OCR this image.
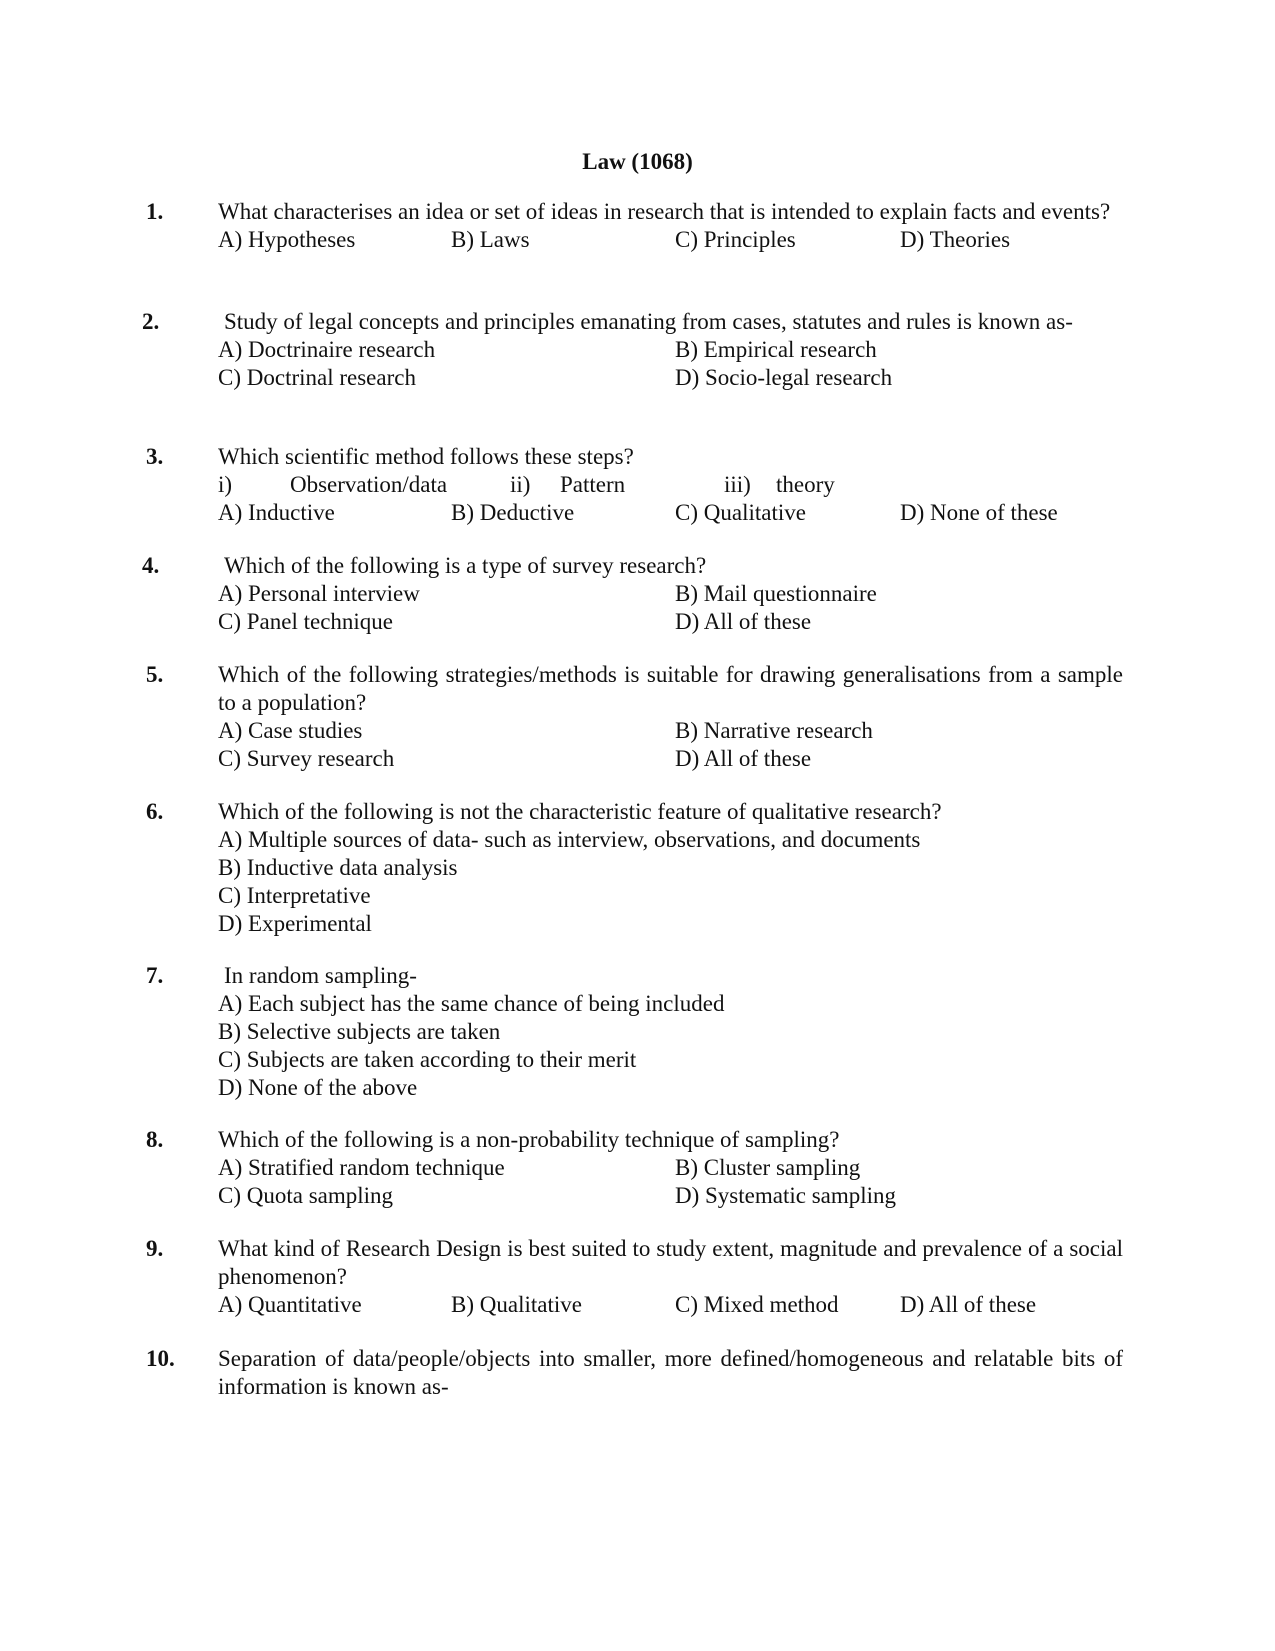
Law (1068)
1. What characterises an idea or set of ideas in research that is intended to explain facts and events?
A) Hypotheses	B) Laws	C) Principles	D) Theories
2.	Study of legal concepts and principles emanating from cases, statutes and rules is known as-
A) Doctrinaire research	B) Empirical research
C) Doctrinal research	D) Socio-legal research
3. Which scientific method follows these steps?
i)	Observation/data	ii) Pattern	iii) theory
A) Inductive	B) Deductive	C) Qualitative	D) None of these
4.	Which of the following is a type of survey research?
A) Personal interview	B) Mail questionnaire
C) Panel technique	D) All of these
5. Which of the following strategies/methods is suitable for drawing generalisations from a sample to a population?
A) Case studies	B) Narrative research
C) Survey research	D) All of these
6. Which of the following is not the characteristic feature of qualitative research?
A) Multiple sources of data- such as interview, observations, and documents
B) Inductive data analysis
C) Interpretative
D) Experimental
7.	In random sampling-
A) Each subject has the same chance of being included
B) Selective subjects are taken
C) Subjects are taken according to their merit
D) None of the above
8. Which of the following is a non-probability technique of sampling?
A) Stratified random technique	B) Cluster sampling
C) Quota sampling	D) Systematic sampling
9. What kind of Research Design is best suited to study extent, magnitude and prevalence of a social phenomenon?
A) Quantitative	B) Qualitative	C) Mixed method	D) All of these
10. Separation of data/people/objects into smaller, more defined/homogeneous and relatable bits of information is known as-
